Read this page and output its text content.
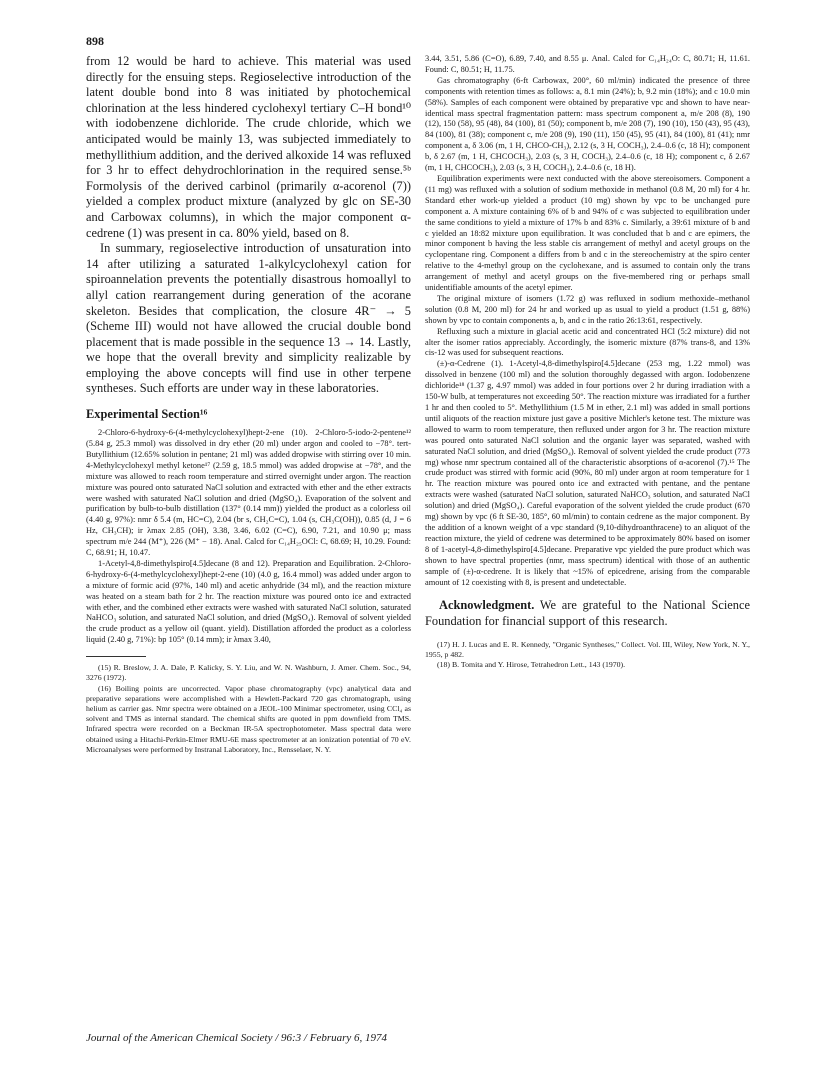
898

from 12 would be hard to achieve. This material was used directly for the ensuing steps. Regioselective introduction of the latent double bond into 8 was initiated by photochemical chlorination at the less hindered cyclohexyl tertiary C–H bond¹⁰ with iodobenzene dichloride. The crude chloride, which we anticipated would be mainly 13, was subjected immediately to methyllithium addition, and the derived alkoxide 14 was refluxed for 3 hr to effect dehydrochlorination in the required sense.⁵ᵇ Formolysis of the derived carbinol (primarily α-acorenol (7)) yielded a complex product mixture (analyzed by glc on SE-30 and Carbowax columns), in which the major component α-cedrene (1) was present in ca. 80% yield, based on 8.

In summary, regioselective introduction of unsaturation into 14 after utilizing a saturated 1-alkylcyclohexyl cation for spiroannelation prevents the potentially disastrous homoallyl to allyl cation rearrangement during generation of the acorane skeleton. Besides that complication, the closure 4R⁻ → 5 (Scheme III) would not have allowed the crucial double bond placement that is made possible in the sequence 13 → 14. Lastly, we hope that the overall brevity and simplicity realizable by employing the above concepts will find use in other terpene syntheses. Such efforts are under way in these laboratories.

Experimental Section¹⁶

2-Chloro-6-hydroxy-6-(4-methylcyclohexyl)hept-2-ene (10). 2-Chloro-5-iodo-2-pentene¹² (5.84 g, 25.3 mmol) was dissolved in dry ether (20 ml) under argon and cooled to −78°. tert-Butyllithium (12.65% solution in pentane; 21 ml) was added dropwise with stirring over 10 min. 4-Methylcyclohexyl methyl ketone¹⁷ (2.59 g, 18.5 mmol) was added dropwise at −78°, and the mixture was allowed to reach room temperature and stirred overnight under argon. The reaction mixture was poured onto saturated NaCl solution and extracted with ether and the ether extracts were washed with saturated NaCl solution and dried (MgSO₄). Evaporation of the solvent and purification by bulb-to-bulb distillation (137° (0.14 mm)) yielded the product as a colorless oil (4.40 g, 97%): nmr δ 5.4 (m, HC=C), 2.04 (br s, CH₂C=C), 1.04 (s, CH₃C(OH)), 0.85 (d, J = 6 Hz, CH₃CH); ir λmax 2.85 (OH), 3.38, 3.46, 6.02 (C=C), 6.90, 7.21, and 10.90 μ; mass spectrum m/e 244 (M⁺), 226 (M⁺ − 18). Anal. Calcd for C₁₄H₂₅OCl: C, 68.69; H, 10.29. Found: C, 68.91; H, 10.47.

1-Acetyl-4,8-dimethylspiro[4.5]decane (8 and 12). Preparation and Equilibration. 2-Chloro-6-hydroxy-6-(4-methylcyclohexyl)hept-2-ene (10) (4.0 g, 16.4 mmol) was added under argon to a mixture of formic acid (97%, 140 ml) and acetic anhydride (34 ml), and the reaction mixture was heated on a steam bath for 2 hr. The reaction mixture was poured onto ice and extracted with ether, and the combined ether extracts were washed with saturated NaCl solution, saturated NaHCO₃ solution, and saturated NaCl solution, and dried (MgSO₄). Removal of solvent yielded the crude product as a yellow oil (quant. yield). Distillation afforded the product as a colorless liquid (2.40 g, 71%): bp 105° (0.14 mm); ir λmax 3.40,

(15) R. Breslow, J. A. Dale, P. Kalicky, S. Y. Liu, and W. N. Washburn, J. Amer. Chem. Soc., 94, 3276 (1972).

(16) Boiling points are uncorrected. Vapor phase chromatography (vpc) analytical data and preparative separations were accomplished with a Hewlett-Packard 720 gas chromatograph, using helium as carrier gas. Nmr spectra were obtained on a JEOL-100 Minimar spectrometer, using CCl₄ as solvent and TMS as internal standard. The chemical shifts are quoted in ppm downfield from TMS. Infrared spectra were recorded on a Beckman IR-5A spectrophotometer. Mass spectral data were obtained using a Hitachi-Perkin-Elmer RMU-6E mass spectrometer at an ionization potential of 70 eV. Microanalyses were performed by Instranal Laboratory, Inc., Rensselaer, N. Y.

3.44, 3.51, 5.86 (C=O), 6.89, 7.40, and 8.55 μ. Anal. Calcd for C₁₄H₂₄O: C, 80.71; H, 11.61. Found: C, 80.51; H, 11.75.

Gas chromatography (6-ft Carbowax, 200°, 60 ml/min) indicated the presence of three components with retention times as follows: a, 8.1 min (24%); b, 9.2 min (18%); and c 10.0 min (58%). Samples of each component were obtained by preparative vpc and shown to have near-identical mass spectral fragmentation pattern: mass spectrum component a, m/e 208 (8), 190 (12), 150 (58), 95 (48), 84 (100), 81 (50); component b, m/e 208 (7), 190 (10), 150 (43), 95 (43), 84 (100), 81 (38); component c, m/e 208 (9), 190 (11), 150 (45), 95 (41), 84 (100), 81 (41); nmr component a, δ 3.06 (m, 1 H, CHCO-CH₃), 2.12 (s, 3 H, COCH₃), 2.4–0.6 (c, 18 H); component b, δ 2.67 (m, 1 H, CHCOCH₃), 2.03 (s, 3 H, COCH₃), 2.4–0.6 (c, 18 H); component c, δ 2.67 (m, 1 H, CHCOCH₃), 2.03 (s, 3 H, COCH₃), 2.4–0.6 (c, 18 H).

Equilibration experiments were next conducted with the above stereoisomers. Component a (11 mg) was refluxed with a solution of sodium methoxide in methanol (0.8 M, 20 ml) for 4 hr. Standard ether work-up yielded a product (10 mg) shown by vpc to be unchanged pure component a. A mixture containing 6% of b and 94% of c was subjected to equilibration under the same conditions to yield a mixture of 17% b and 83% c. Similarly, a 39:61 mixture of b and c yielded an 18:82 mixture upon equilibration. It was concluded that b and c are epimers, the minor component b having the less stable cis arrangement of methyl and acetyl groups on the cyclopentane ring. Component a differs from b and c in the stereochemistry at the spiro center relative to the 4-methyl group on the cyclohexane, and is assumed to contain only the trans arrangement of methyl and acetyl groups on the five-membered ring or perhaps small unidentifiable amounts of the acetyl epimer.

The original mixture of isomers (1.72 g) was refluxed in sodium methoxide–methanol solution (0.8 M, 200 ml) for 24 hr and worked up as usual to yield a product (1.51 g, 88%) shown by vpc to contain components a, b, and c in the ratio 26:13:61, respectively.

Refluxing such a mixture in glacial acetic acid and concentrated HCl (5:2 mixture) did not alter the isomer ratios appreciably. Accordingly, the isomeric mixture (87% trans-8, and 13% cis-12 was used for subsequent reactions.

(±)-α-Cedrene (1). 1-Acetyl-4,8-dimethylspiro[4.5]decane (253 mg, 1.22 mmol) was dissolved in benzene (100 ml) and the solution thoroughly degassed with argon. Iodobenzene dichloride¹⁸ (1.37 g, 4.97 mmol) was added in four portions over 2 hr during irradiation with a 150-W bulb, at temperatures not exceeding 50°. The reaction mixture was irradiated for a further 1 hr and then cooled to 5°. Methyllithium (1.5 M in ether, 2.1 ml) was added in small portions until aliquots of the reaction mixture just gave a positive Michler's ketone test. The mixture was allowed to warm to room temperature, then refluxed under argon for 3 hr. The reaction mixture was poured onto saturated NaCl solution and the organic layer was separated, washed with saturated NaCl solution, and dried (MgSO₄). Removal of solvent yielded the crude product (773 mg) whose nmr spectrum contained all of the characteristic absorptions of α-acorenol (7).¹⁵ The crude product was stirred with formic acid (90%, 80 ml) under argon at room temperature for 1 hr. The reaction mixture was poured onto ice and extracted with pentane, and the pentane extracts were washed (saturated NaCl solution, saturated NaHCO₃ solution, and saturated NaCl solution) and dried (MgSO₄). Careful evaporation of the solvent yielded the crude product (670 mg) shown by vpc (6 ft SE-30, 185°, 60 ml/min) to contain cedrene as the major component. By the addition of a known weight of a vpc standard (9,10-dihydroanthracene) to an aliquot of the reaction mixture, the yield of cedrene was determined to be approximately 80% based on isomer 8 of 1-acetyl-4,8-dimethylspiro[4.5]decane. Preparative vpc yielded the pure product which was shown to have spectral properties (nmr, mass spectrum) identical with those of an authentic sample of (±)-α-cedrene. It is likely that ~15% of epicedrene, arising from the comparable amount of 12 coexisting with 8, is present and undetectable.

Acknowledgment. We are grateful to the National Science Foundation for financial support of this research.

(17) H. J. Lucas and E. R. Kennedy, "Organic Syntheses," Collect. Vol. III, Wiley, New York, N. Y., 1955, p 482.

(18) B. Tomita and Y. Hirose, Tetrahedron Lett., 143 (1970).

Journal of the American Chemical Society / 96:3 / February 6, 1974
